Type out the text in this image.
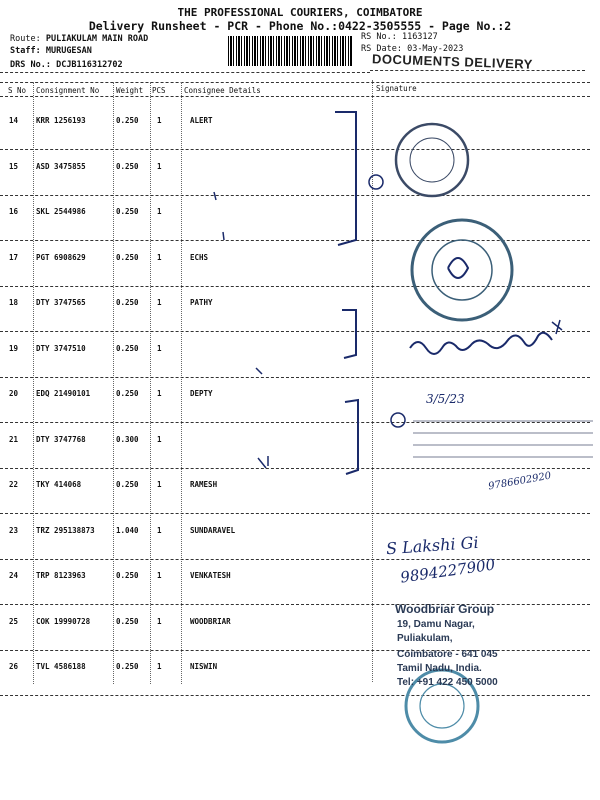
THE PROFESSIONAL COURIERS, COIMBATORE
Delivery Runsheet - PCR - Phone No.:0422-3505555 - Page No.:2
Route: PULIAKULAM MAIN ROAD
Staff: MURUGESAN
DRS No.: DCJB116312702
RS No.: 1163127
RS Date: 03-May-2023
DOCUMENTS DELIVERY
S No Consignment No Weight PCS Consignee Details	Signature
14 KRR 1256193	0.250 1	ALERT
15 ASD 3475855	0.250 1
16 SKL 2544986	0.250 1
17 PGT 6908629	0.250 1	ECHS
18 DTY 3747565	0.250 1	PATHY
19 DTY 3747510	0.250 1
20 EDQ 21490101	0.250 1	DEPTY
21 DTY 3747768	0.300 1
22 TKY 414068	0.250 1	RAMESH
23 TRZ 295138873	1.040 1	SUNDARAVEL
24 TRP 8123963	0.250 1	VENKATESH
25 COK 19990728	0.250 1	WOODBRIAR
26 TVL 4586188	0.250 1	NISWIN
3/5/23
9786602920
S Lakshi Gi
9894227900
Woodbriar Group
19, Damu Nagar,
Puliakulam,
Coimbatore - 641 045
Tamil Nadu, India.
Tel: +91 422 450 5000
